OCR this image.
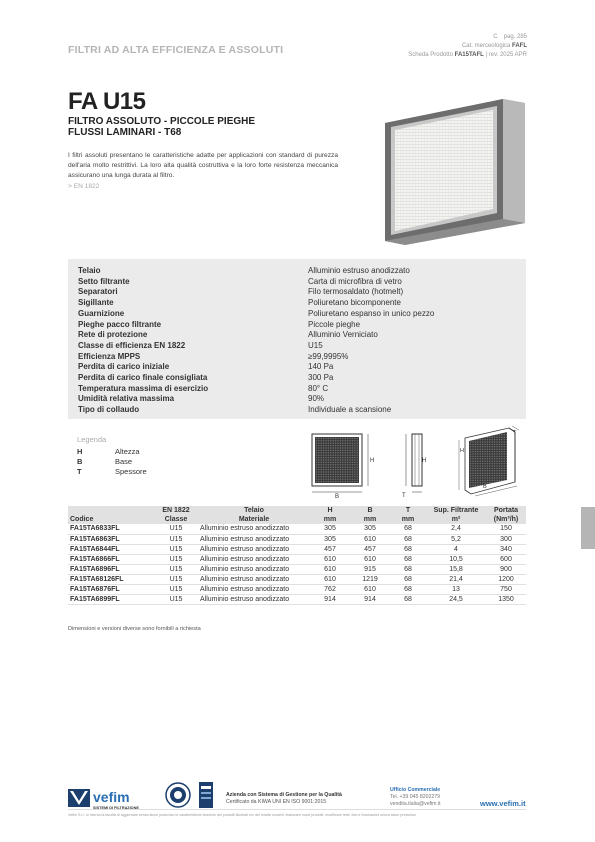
FILTRI AD ALTA EFFICIENZA E ASSOLUTI
C pag. 285
Cat. merceologica FAFL
Scheda Prodotto FA15TAFL | rev. 2025 APR
FA U15
FILTRO ASSOLUTO - PICCOLE PIEGHE
FLUSSI LAMINARI - T68
I filtri assoluti presentano le caratteristiche adatte per applicazioni con standard di purezza dell'aria molto restrittivi. La loro alta qualità costruttiva e la loro forte resistenza meccanica assicurano una lunga durata al filtro.
> EN 1822
Telaio	Alluminio estruso anodizzato
Setto filtrante	Carta di microfibra di vetro
Separatori	Filo termosaldato (hotmelt)
Sigillante	Poliuretano bicomponente
Guarnizione	Poliuretano espanso in unico pezzo
Pieghe pacco filtrante	Piccole pieghe
Rete di protezione	Alluminio Verniciato
Classe di efficienza EN 1822	U15
Efficienza MPPS	≥99,9995%
Perdita di carico iniziale	140 Pa
Perdita di carico finale consigliata	300 Pa
Temperatura massima di esercizio	80° C
Umidità relativa massima	90%
Tipo di collaudo	Individuale a scansione
Legenda
H	Altezza
B	Base
T	Spessore
H
B
H
T
H
B
T
	EN 1822	Telaio	H	B	T	Sup. Filtrante	Portata
Codice	Classe	Materiale	mm	mm	mm	m²	(Nm³/h)
FA15TA6833FL	U15	Alluminio estruso anodizzato	305	305	68	2,4	150
FA15TA6863FL	U15	Alluminio estruso anodizzato	305	610	68	5,2	300
FA15TA6844FL	U15	Alluminio estruso anodizzato	457	457	68	4	340
FA15TA6866FL	U15	Alluminio estruso anodizzato	610	610	68	10,5	600
FA15TA6896FL	U15	Alluminio estruso anodizzato	610	915	68	15,8	900
FA15TA68126FL	U15	Alluminio estruso anodizzato	610	1219	68	21,4	1200
FA15TA6876FL	U15	Alluminio estruso anodizzato	762	610	68	13	750
FA15TA6899FL	U15	Alluminio estruso anodizzato	914	914	68	24,5	1350
Dimensioni e versioni diverse sono fornibili a richiesta
vefim
SISTEMI DI FILTRAZIONE
Azienda con Sistema di Gestione per la Qualità
Certificato da KIWA UNI EN ISO 9001:2015
Ufficio Commerciale
Tel. +39 045 8202279
vendita.italia@vefim.it	www.vefim.it
Vefim S.r.l. si riserva la facoltà di aggiornare senza alcun preavviso le caratteristiche tecniche dei prodotti illustrati e/o dei relativi modelli, elaborare nuovi prodotti, modificare testi, foto e illustrazioni senza alcun preavviso
